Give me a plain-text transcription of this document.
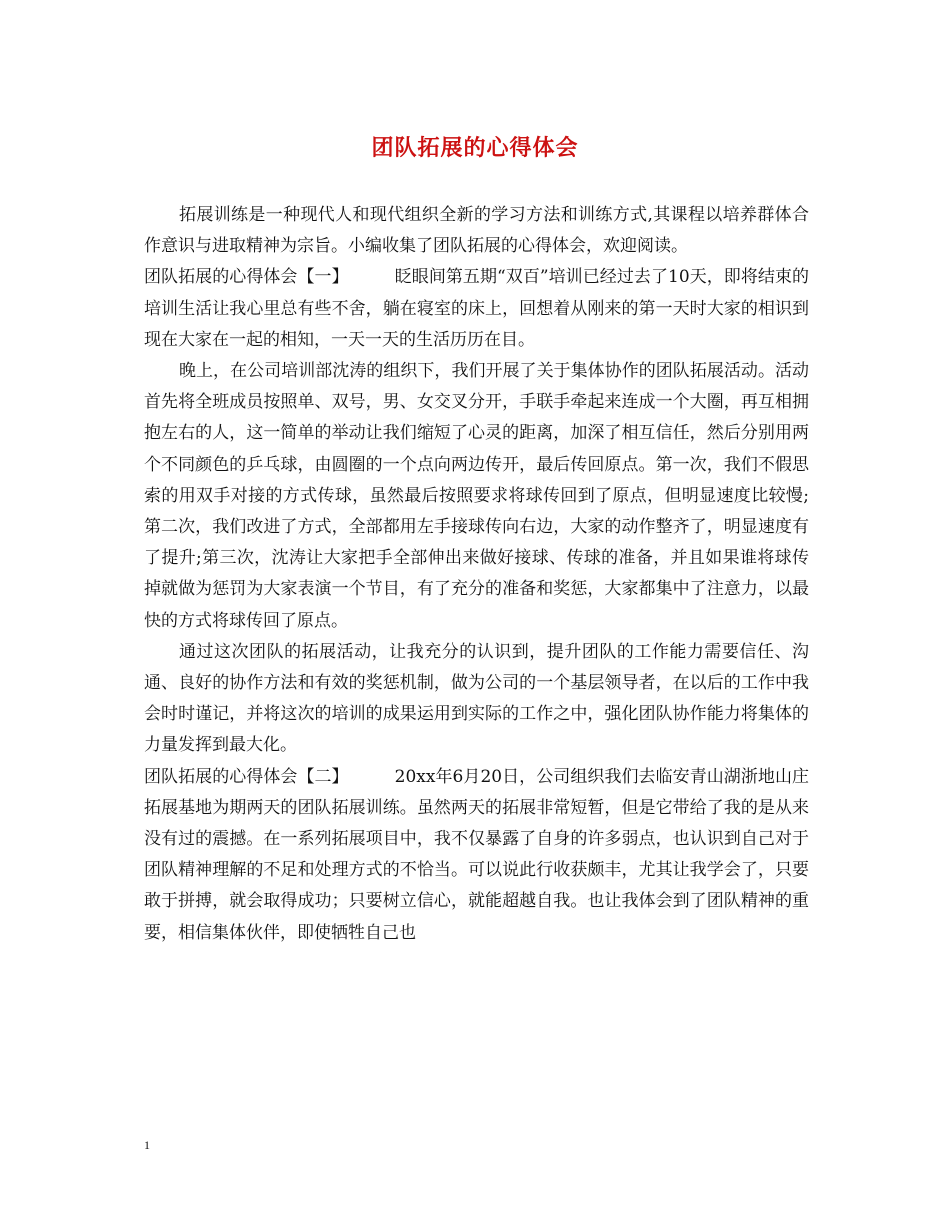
团队拓展的心得体会

拓展训练是一种现代人和现代组织全新的学习方法和训练方式,其课程以培养群体合作意识与进取精神为宗旨。小编收集了团队拓展的心得体会，欢迎阅读。

团队拓展的心得体会【一】	眨眼间第五期“双百”培训已经过去了10天，即将结束的培训生活让我心里总有些不舍，躺在寝室的床上，回想着从刚来的第一天时大家的相识到现在大家在一起的相知，一天一天的生活历历在目。

晚上，在公司培训部沈涛的组织下，我们开展了关于集体协作的团队拓展活动。活动首先将全班成员按照单、双号，男、女交叉分开，手联手牵起来连成一个大圈，再互相拥抱左右的人，这一简单的举动让我们缩短了心灵的距离，加深了相互信任，然后分别用两个不同颜色的乒乓球，由圆圈的一个点向两边传开，最后传回原点。第一次，我们不假思索的用双手对接的方式传球，虽然最后按照要求将球传回到了原点，但明显速度比较慢;第二次，我们改进了方式，全部都用左手接球传向右边，大家的动作整齐了，明显速度有了提升;第三次，沈涛让大家把手全部伸出来做好接球、传球的准备，并且如果谁将球传掉就做为惩罚为大家表演一个节目，有了充分的准备和奖惩，大家都集中了注意力，以最快的方式将球传回了原点。

通过这次团队的拓展活动，让我充分的认识到，提升团队的工作能力需要信任、沟通、良好的协作方法和有效的奖惩机制，做为公司的一个基层领导者，在以后的工作中我会时时谨记，并将这次的培训的成果运用到实际的工作之中，强化团队协作能力将集体的力量发挥到最大化。

团队拓展的心得体会【二】	20xx年6月20日，公司组织我们去临安青山湖浙地山庄拓展基地为期两天的团队拓展训练。虽然两天的拓展非常短暂，但是它带给了我的是从来没有过的震撼。在一系列拓展项目中，我不仅暴露了自身的许多弱点，也认识到自己对于团队精神理解的不足和处理方式的不恰当。可以说此行收获颇丰，尤其让我学会了，只要敢于拼搏，就会取得成功；只要树立信心，就能超越自我。也让我体会到了团队精神的重要，相信集体伙伴，即使牺牲自己也

1
